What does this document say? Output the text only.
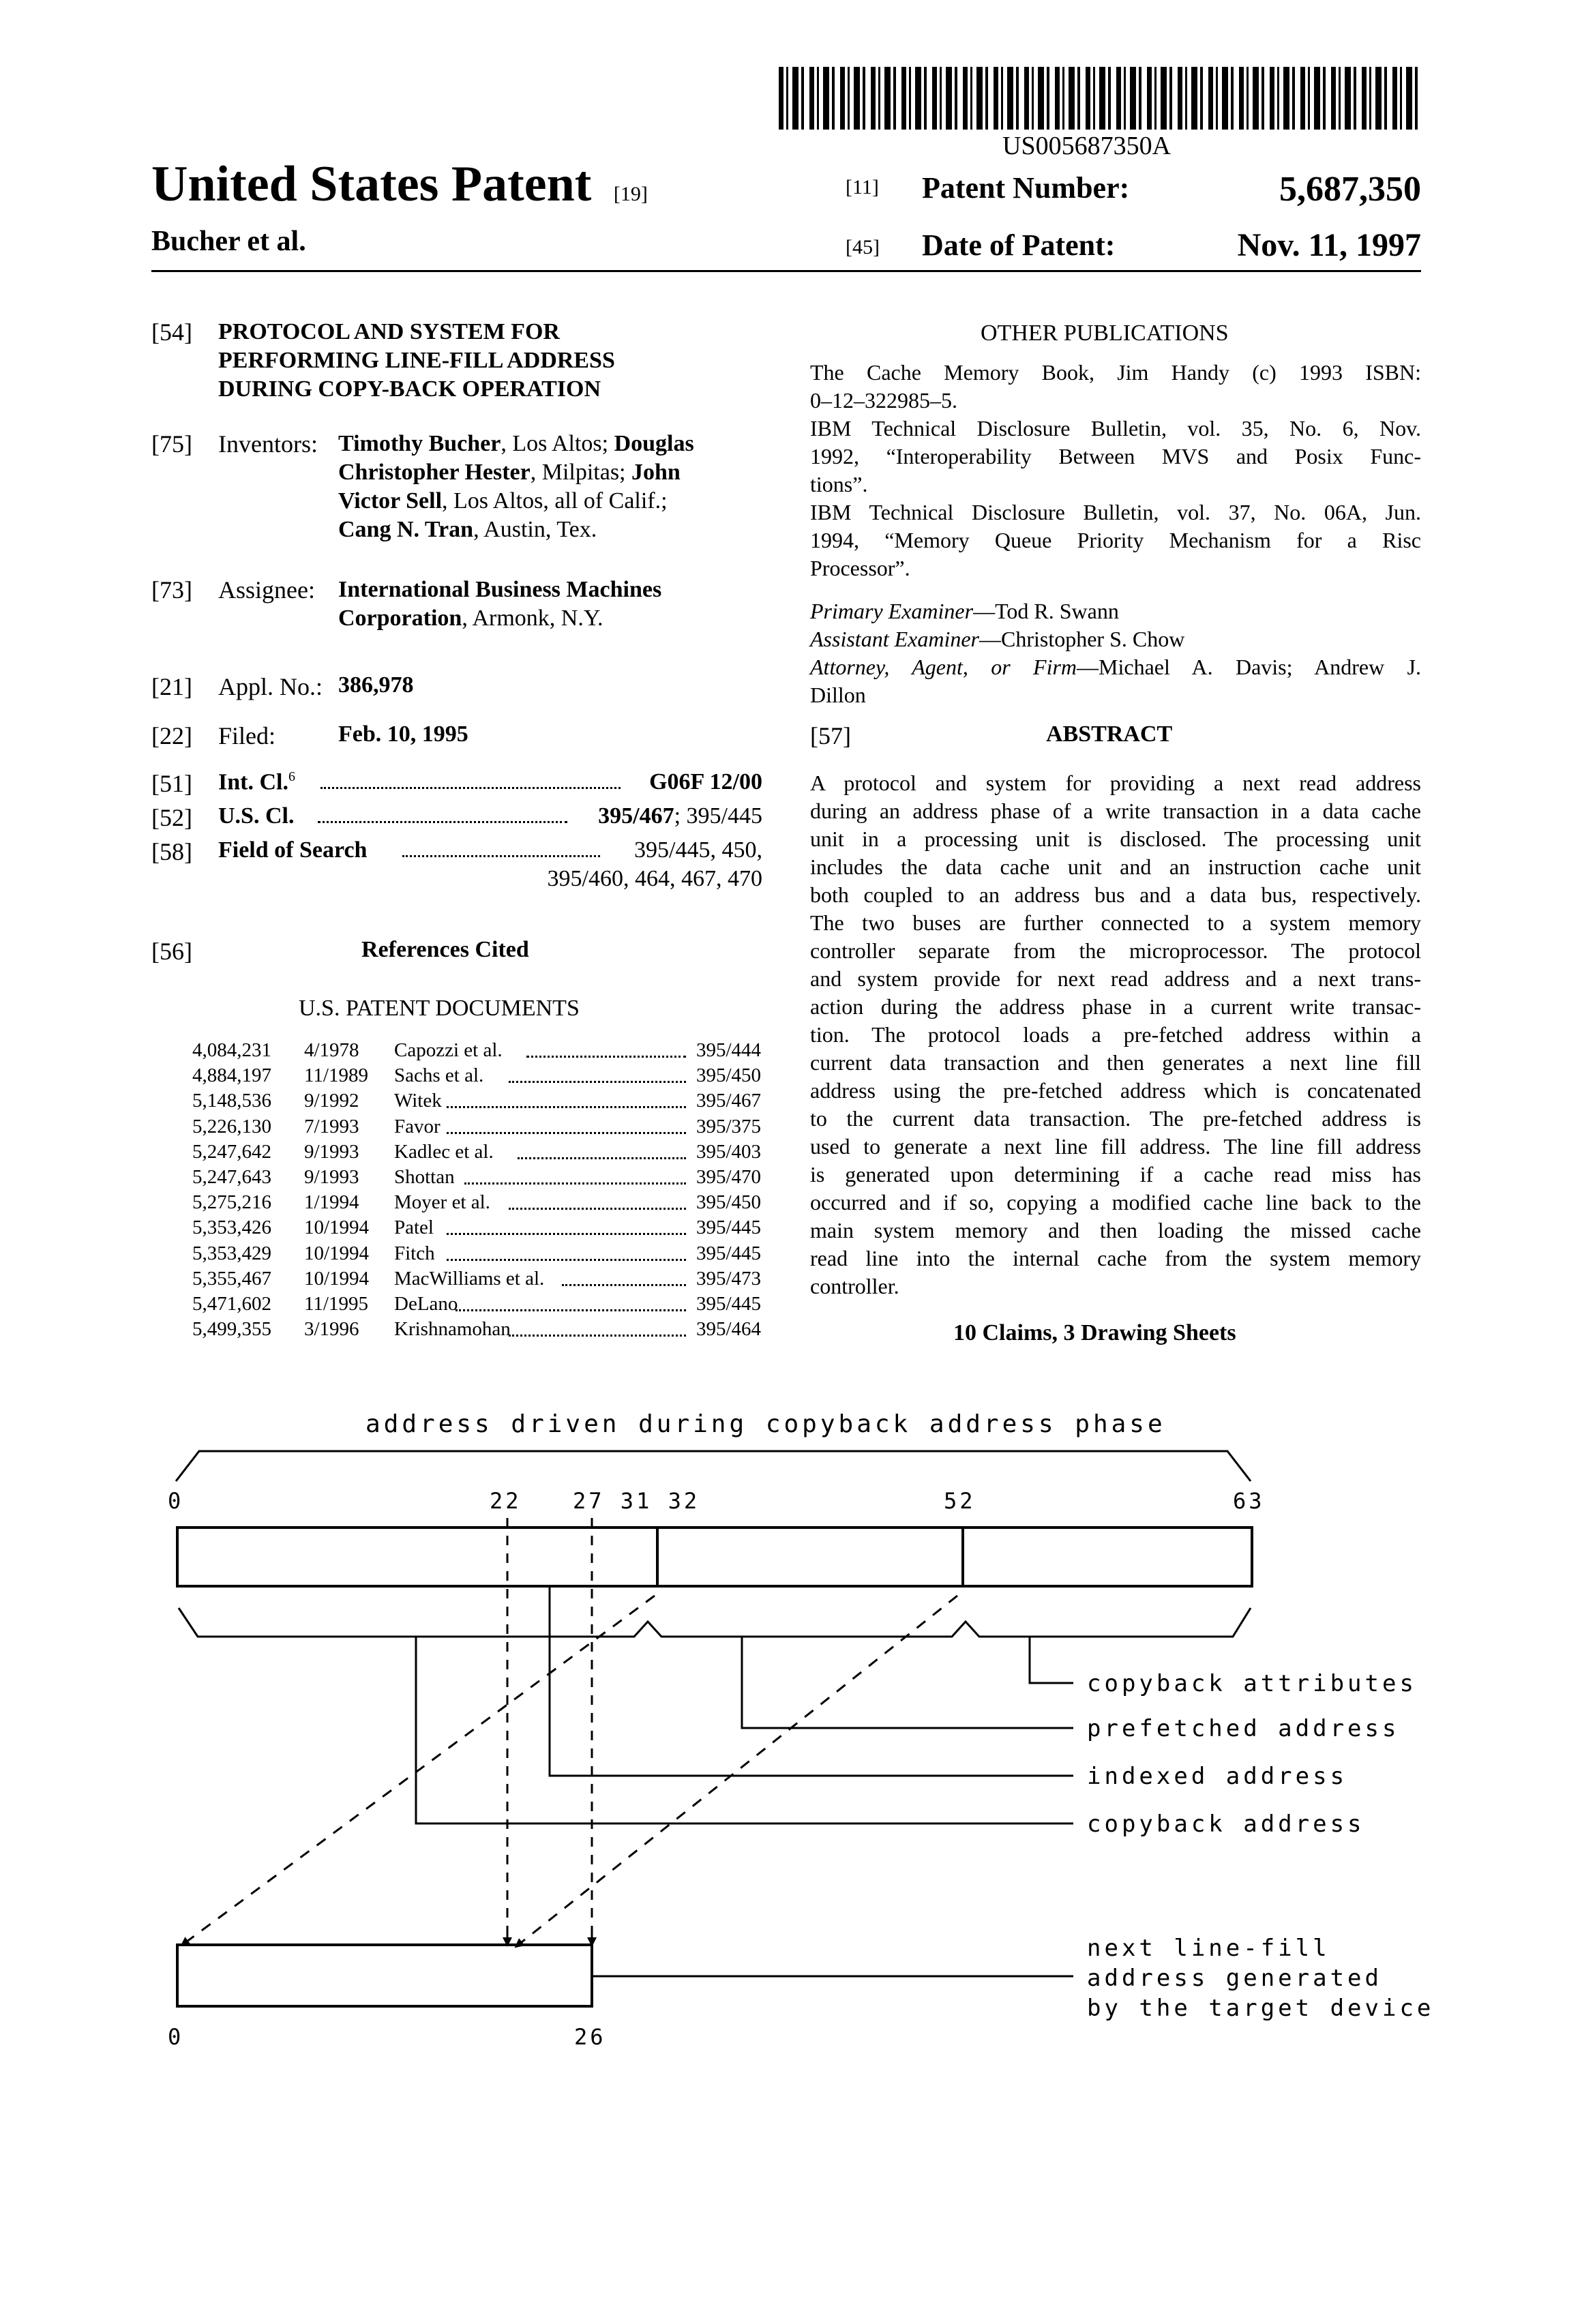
US005687350A
United States Patent [19]
Bucher et al.
[11] Patent Number:	5,687,350
[45] Date of Patent:	Nov. 11, 1997
[54] PROTOCOL AND SYSTEM FOR
PERFORMING LINE-FILL ADDRESS
DURING COPY-BACK OPERATION
[75] Inventors: Timothy Bucher, Los Altos; Douglas
Christopher Hester, Milpitas; John
Victor Sell, Los Altos, all of Calif.;
Cang N. Tran, Austin, Tex.
[73] Assignee: International Business Machines
Corporation, Armonk, N.Y.
[21] Appl. No.: 386,978
[22] Filed:	Feb. 10, 1995
[51] Int. Cl.$^6$	G06F 12/00
[52] U.S. Cl.	395/467; 395/445
[58] Field of Search	395/445, 450,
395/460, 464, 467, 470
[56]	References Cited
U.S. PATENT DOCUMENTS
4,084,231 4/1978 Capozzi et al.	395/444
4,884,197 11/1989 Sachs et al.	395/450
5,148,536 9/1992 Witek	395/467
5,226,130 7/1993 Favor	395/375
5,247,642 9/1993 Kadlec et al.	395/403
5,247,643 9/1993 Shottan	395/470
5,275,216 1/1994 Moyer et al.	395/450
5,353,426 10/1994 Patel	395/445
5,353,429 10/1994 Fitch	395/445
5,355,467 10/1994 MacWilliams et al.	395/473
5,471,602 11/1995 DeLano	395/445
5,499,355 3/1996 Krishnamohan	395/464
OTHER PUBLICATIONS
The Cache Memory Book, Jim Handy (c) 1993 ISBN:
0–12–322985–5.
IBM Technical Disclosure Bulletin, vol. 35, No. 6, Nov.
1992, “Interoperability Between MVS and Posix Func-
tions”.
IBM Technical Disclosure Bulletin, vol. 37, No. 06A, Jun.
1994, “Memory Queue Priority Mechanism for a Risc
Processor”.
Primary Examiner—Tod R. Swann
Assistant Examiner—Christopher S. Chow
Attorney, Agent, or Firm—Michael A. Davis; Andrew J.
Dillon
[57]	ABSTRACT
A protocol and system for providing a next read address
during an address phase of a write transaction in a data cache
unit in a processing unit is disclosed. The processing unit
includes the data cache unit and an instruction cache unit
both coupled to an address bus and a data bus, respectively.
The two buses are further connected to a system memory
controller separate from the microprocessor. The protocol
and system provide for next read address and a next trans-
action during the address phase in a current write transac-
tion. The protocol loads a pre-fetched address within a
current data transaction and then generates a next line fill
address using the pre-fetched address which is concatenated
to the current data transaction. The pre-fetched address is
used to generate a next line fill address. The line fill address
is generated upon determining if a cache read miss has
occurred and if so, copying a modified cache line back to the
main system memory and then loading the missed cache
read line into the internal cache from the system memory
controller.
10 Claims, 3 Drawing Sheets
address driven during copyback address phase
0	22 27 31 32	52	63
copyback attributes
prefetched address
indexed address
copyback address
next line-fill
address generated
by the target device
0	26
